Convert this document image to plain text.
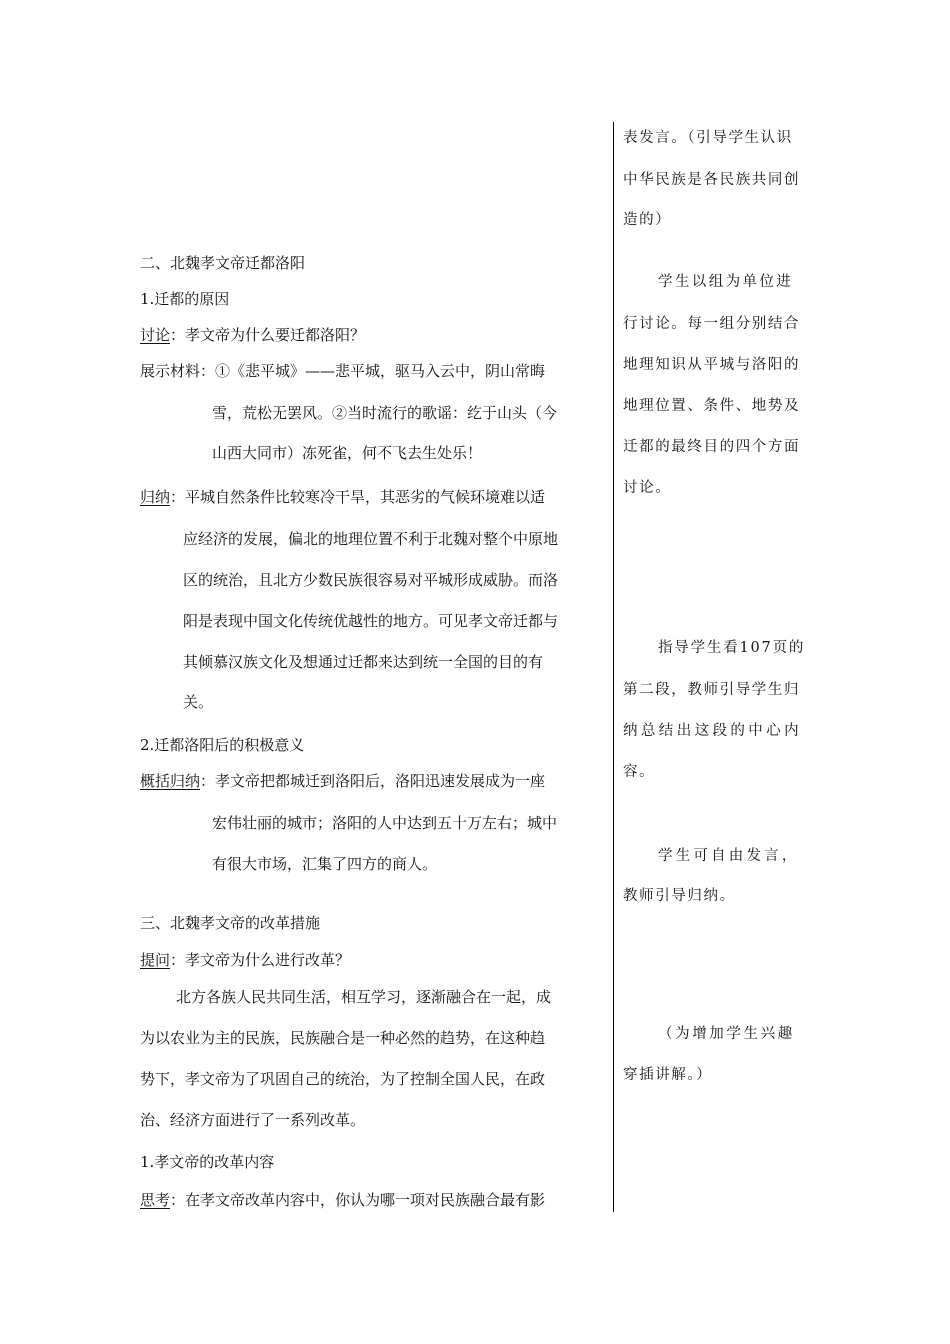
二、北魏孝文帝迁都洛阳
1.迁都的原因
讨论：孝文帝为什么要迁都洛阳？
展示材料：①《悲平城》——悲平城，驱马入云中，阴山常晦
雪，荒松无罢风。②当时流行的歌谣：纥于山头（今
山西大同市）冻死雀，何不飞去生处乐！
归纳：平城自然条件比较寒冷干旱，其恶劣的气候环境难以适
应经济的发展，偏北的地理位置不利于北魏对整个中原地
区的统治，且北方少数民族很容易对平城形成威胁。而洛
阳是表现中国文化传统优越性的地方。可见孝文帝迁都与
其倾慕汉族文化及想通过迁都来达到统一全国的目的有
关。
2.迁都洛阳后的积极意义
概括归纳：孝文帝把都城迁到洛阳后，洛阳迅速发展成为一座
宏伟壮丽的城市；洛阳的人中达到五十万左右；城中
有很大市场，汇集了四方的商人。
三、北魏孝文帝的改革措施
提问：孝文帝为什么进行改革？
北方各族人民共同生活，相互学习，逐渐融合在一起，成
为以农业为主的民族，民族融合是一种必然的趋势，在这种趋
势下，孝文帝为了巩固自己的统治，为了控制全国人民，在政
治、经济方面进行了一系列改革。
1.孝文帝的改革内容
思考：在孝文帝改革内容中，你认为哪一项对民族融合最有影
表发言。（引导学生认识
中华民族是各民族共同创
造的）
学生以组为单位进
行讨论。每一组分别结合
地理知识从平城与洛阳的
地理位置、条件、地势及
迁都的最终目的四个方面
讨论。
指导学生看107页的
第二段，教师引导学生归
纳总结出这段的中心内
容。
学生可自由发言，
教师引导归纳。
（为增加学生兴趣
穿插讲解。）
